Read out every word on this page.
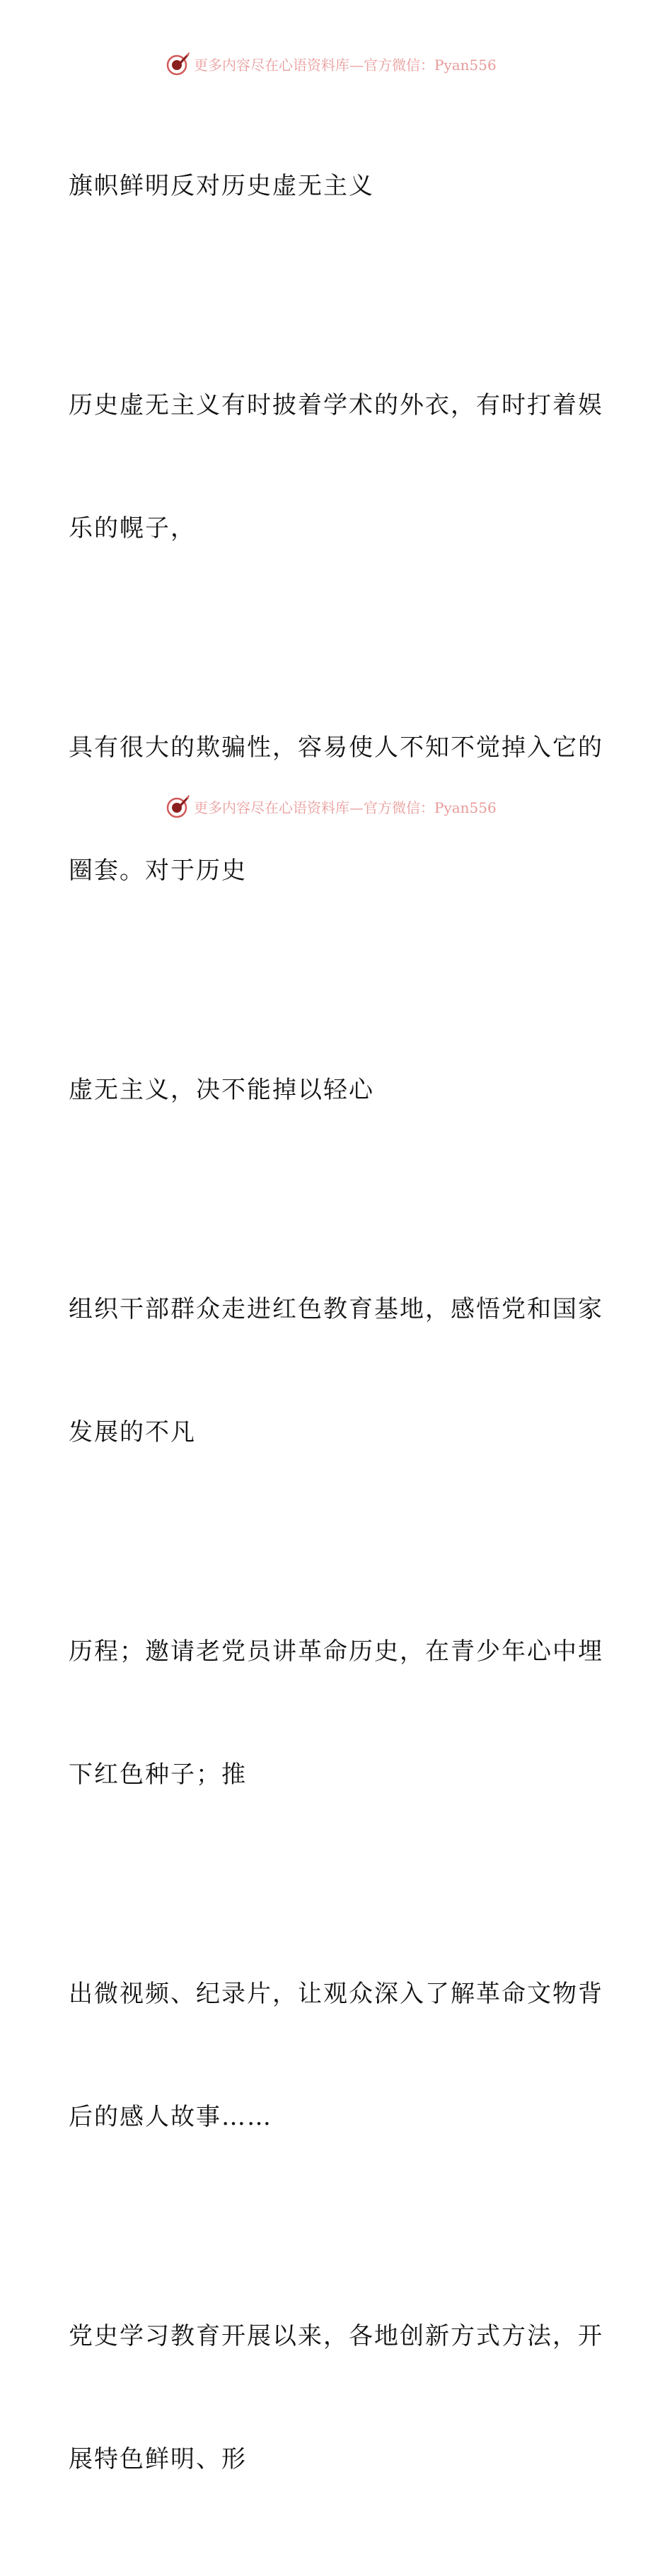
更多内容尽在心语资料库—官方微信：Pyan556

旗帜鲜明反对历史虚无主义

历史虚无主义有时披着学术的外衣，有时打着娱

乐的幌子，

具有很大的欺骗性，容易使人不知不觉掉入它的

圈套。对于历史

虚无主义，决不能掉以轻心

组织干部群众走进红色教育基地，感悟党和国家

发展的不凡

历程；邀请老党员讲革命历史，在青少年心中埋

下红色种子；推

出微视频、纪录片，让观众深入了解革命文物背

后的感人故事……

党史学习教育开展以来，各地创新方式方法，开

展特色鲜明、形

更多内容尽在心语资料库—官方微信：Pyan556
